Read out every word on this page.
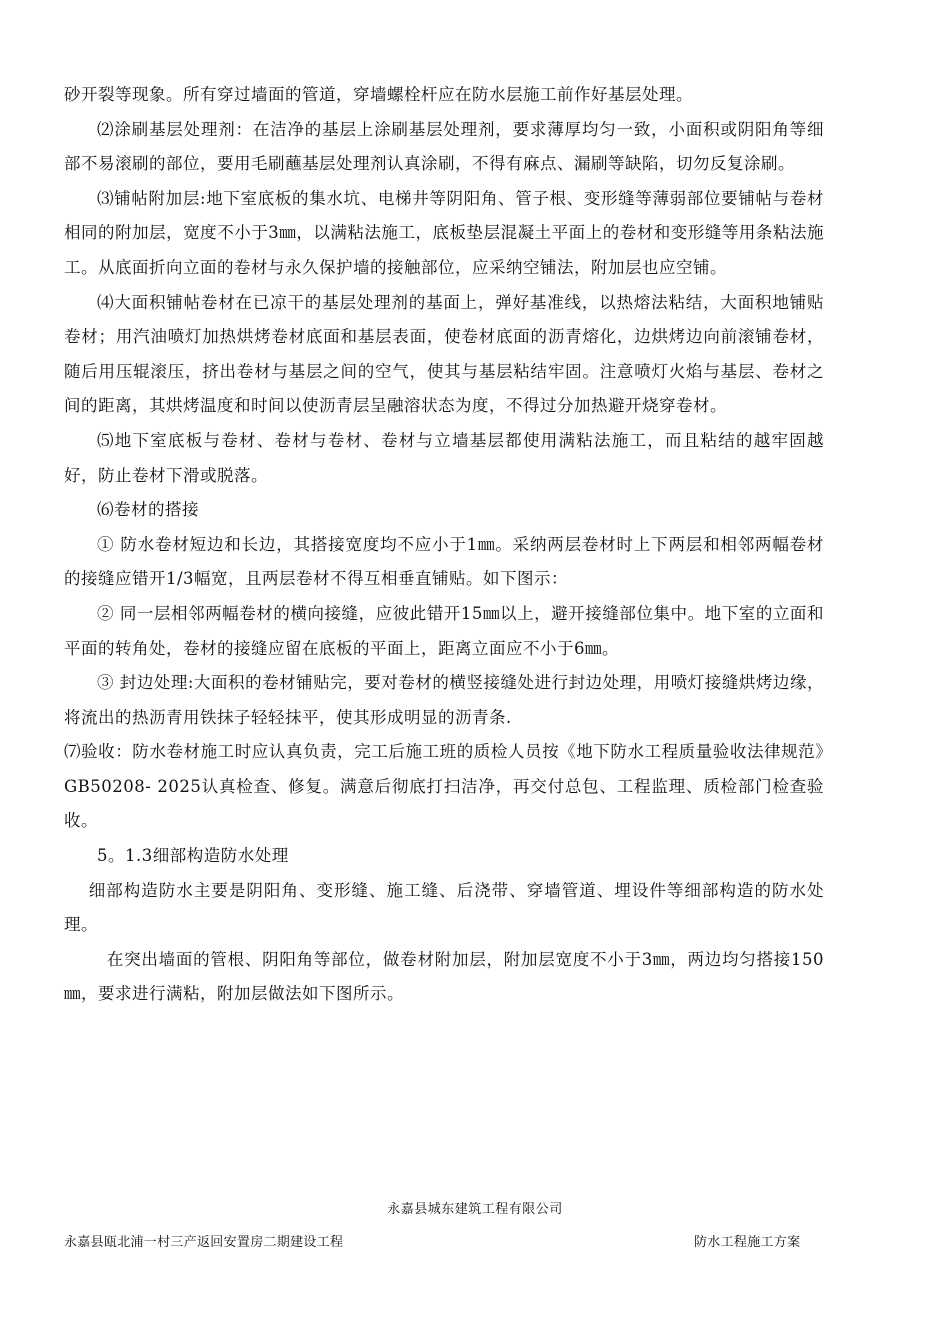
砂开裂等现象。所有穿过墙面的管道，穿墙螺栓杆应在防水层施工前作好基层处理。

⑵涂刷基层处理剂：在洁净的基层上涂刷基层处理剂，要求薄厚均匀一致，小面积或阴阳角等细部不易滚刷的部位，要用毛刷蘸基层处理剂认真涂刷，不得有麻点、漏刷等缺陷，切勿反复涂刷。

⑶铺帖附加层:地下室底板的集水坑、电梯井等阴阳角、管子根、变形缝等薄弱部位要铺帖与卷材相同的附加层，宽度不小于3㎜，以满粘法施工，底板垫层混凝土平面上的卷材和变形缝等用条粘法施工。从底面折向立面的卷材与永久保护墙的接触部位，应采纳空铺法，附加层也应空铺。

⑷大面积铺帖卷材在已凉干的基层处理剂的基面上，弹好基准线，以热熔法粘结，大面积地铺贴卷材；用汽油喷灯加热烘烤卷材底面和基层表面，使卷材底面的沥青熔化，边烘烤边向前滚铺卷材，随后用压辊滚压，挤出卷材与基层之间的空气，使其与基层粘结牢固。注意喷灯火焰与基层、卷材之间的距离，其烘烤温度和时间以使沥青层呈融溶状态为度，不得过分加热避开烧穿卷材。

⑸地下室底板与卷材、卷材与卷材、卷材与立墙基层都使用满粘法施工，而且粘结的越牢固越好，防止卷材下滑或脱落。

⑹卷材的搭接

① 防水卷材短边和长边，其搭接宽度均不应小于1㎜。采纳两层卷材时上下两层和相邻两幅卷材的接缝应错开1/3幅宽，且两层卷材不得互相垂直铺贴。如下图示：

② 同一层相邻两幅卷材的横向接缝，应彼此错开15㎜以上，避开接缝部位集中。地下室的立面和平面的转角处，卷材的接缝应留在底板的平面上，距离立面应不小于6㎜。

③ 封边处理:大面积的卷材铺贴完，要对卷材的横竖接缝处进行封边处理，用喷灯接缝烘烤边缘，将流出的热沥青用铁抹子轻轻抹平，使其形成明显的沥青条.

⑺验收：防水卷材施工时应认真负责，完工后施工班的质检人员按《地下防水工程质量验收法律规范》GB50208- 2025认真检查、修复。满意后彻底打扫洁净，再交付总包、工程监理、质检部门检查验收。

5。1.3细部构造防水处理

细部构造防水主要是阴阳角、变形缝、施工缝、后浇带、穿墙管道、埋设件等细部构造的防水处理。

在突出墙面的管根、阴阳角等部位，做卷材附加层，附加层宽度不小于3㎜，两边均匀搭接150㎜，要求进行满粘，附加层做法如下图所示。

永嘉县城东建筑工程有限公司
永嘉县瓯北浦一村三产返回安置房二期建设工程	防水工程施工方案
